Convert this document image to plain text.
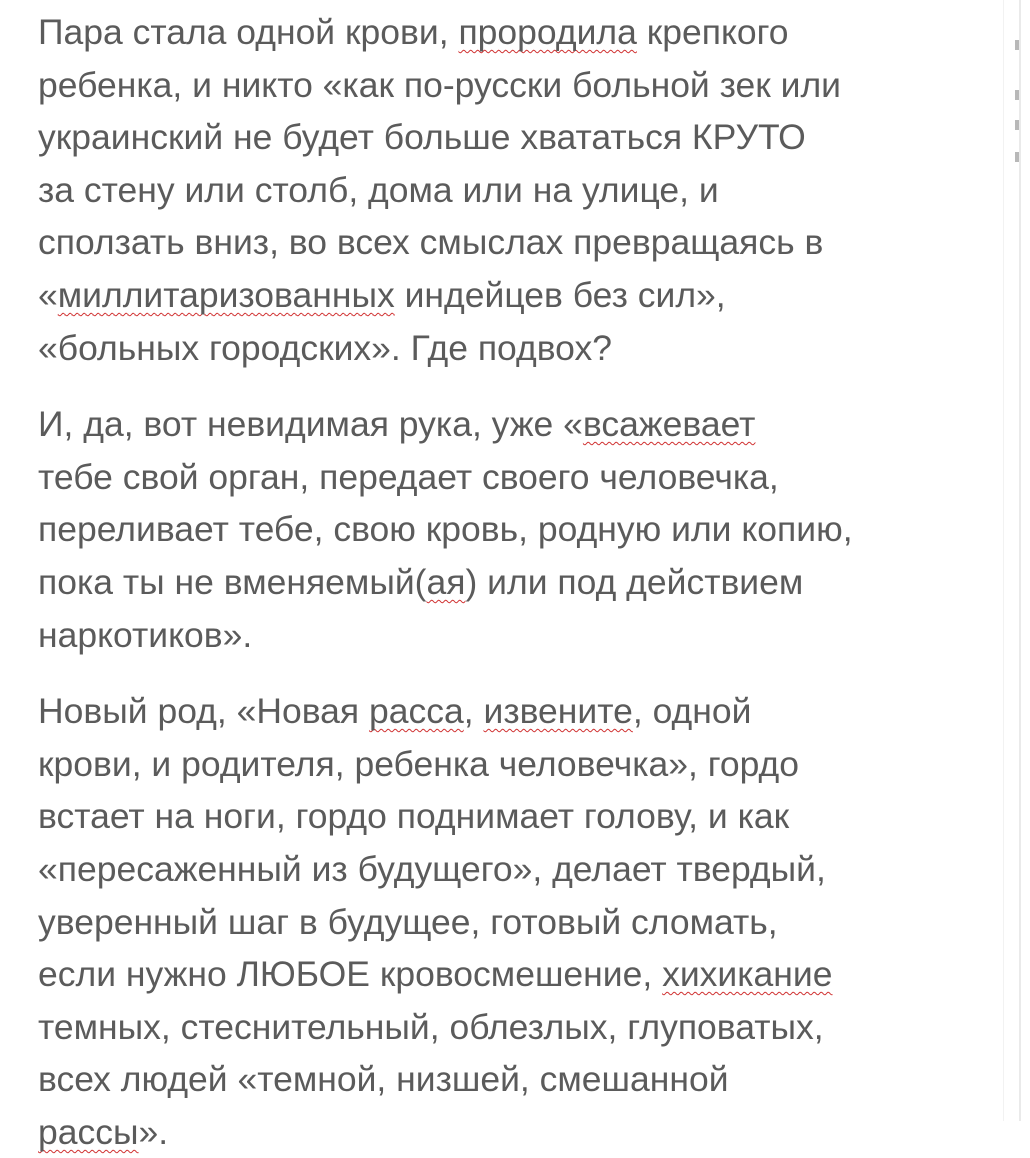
Пара стала одной крови, прородила крепкого
ребенка, и никто «как по-русски больной зек или
украинский не будет больше хвататься КРУТО
за стену или столб, дома или на улице, и
сползать вниз, во всех смыслах превращаясь в
«миллитаризованных индейцев без сил»,
«больных городских». Где подвох?

И, да, вот невидимая рука, уже «всажевает
тебе свой орган, передает своего человечка,
переливает тебе, свою кровь, родную или копию,
пока ты не вменяемый(ая) или под действием
наркотиков».

Новый род, «Новая расса, извените, одной
крови, и родителя, ребенка человечка», гордо
встает на ноги, гордо поднимает голову, и как
«пересаженный из будущего», делает твердый,
уверенный шаг в будущее, готовый сломать,
если нужно ЛЮБОЕ кровосмешение, хихикание
темных, стеснительный, облезлых, глуповатых,
всех людей «темной, низшей, смешанной
рассы».
